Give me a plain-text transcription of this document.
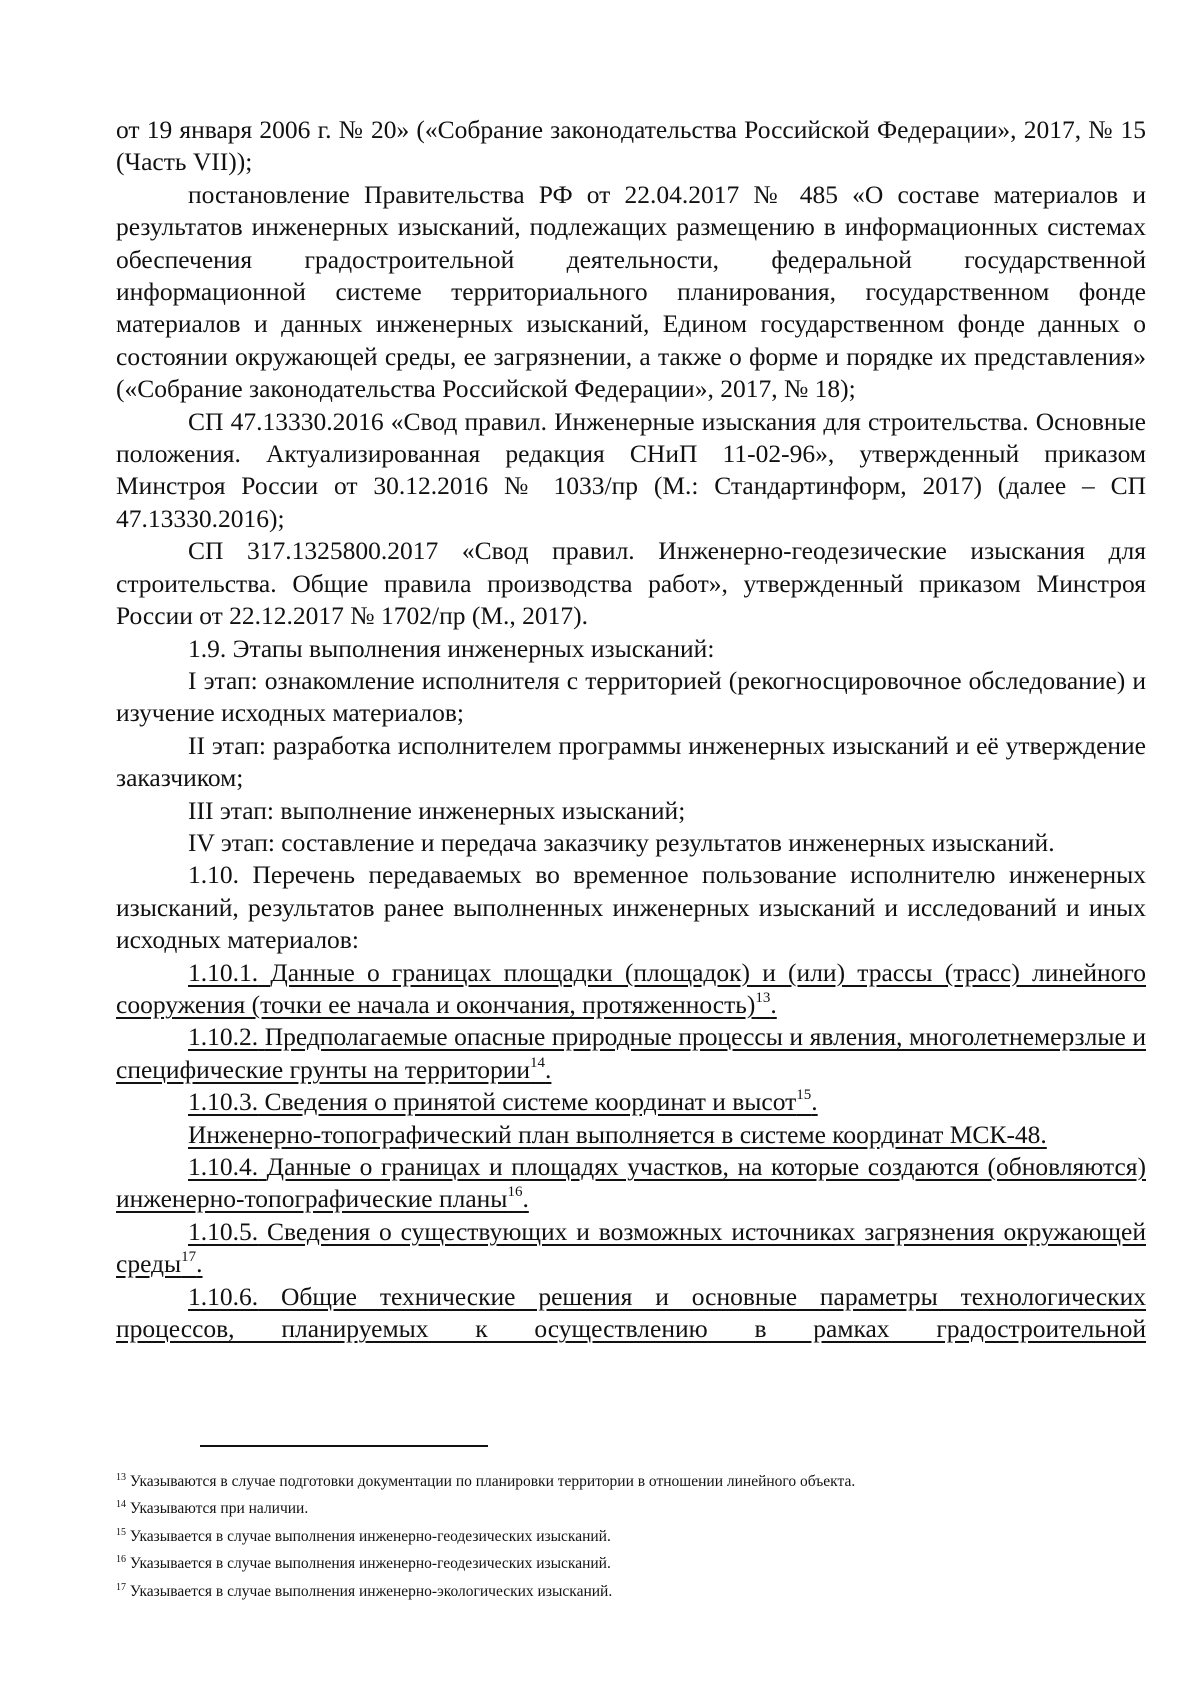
от 19 января 2006 г. № 20» («Собрание законодательства Российской Федерации», 2017, № 15 (Часть VII));

постановление Правительства РФ от 22.04.2017 № 485 «О составе материалов и результатов инженерных изысканий, подлежащих размещению в информационных системах обеспечения градостроительной деятельности, федеральной государственной информационной системе территориального планирования, государственном фонде материалов и данных инженерных изысканий, Едином государственном фонде данных о состоянии окружающей среды, ее загрязнении, а также о форме и порядке их представления» («Собрание законодательства Российской Федерации», 2017, № 18);

СП 47.13330.2016 «Свод правил. Инженерные изыскания для строительства. Основные положения. Актуализированная редакция СНиП 11-02-96», утвержденный приказом Минстроя России от 30.12.2016 № 1033/пр (М.: Стандартинформ, 2017) (далее – СП 47.13330.2016);

СП 317.1325800.2017 «Свод правил. Инженерно-геодезические изыскания для строительства. Общие правила производства работ», утвержденный приказом Минстроя России от 22.12.2017 № 1702/пр (М., 2017).

1.9. Этапы выполнения инженерных изысканий:

I этап: ознакомление исполнителя с территорией (рекогносцировочное обследование) и изучение исходных материалов;

II этап: разработка исполнителем программы инженерных изысканий и её утверждение заказчиком;

III этап: выполнение инженерных изысканий;

IV этап: составление и передача заказчику результатов инженерных изысканий.

1.10. Перечень передаваемых во временное пользование исполнителю инженерных изысканий, результатов ранее выполненных инженерных изысканий и исследований и иных исходных материалов:

1.10.1. Данные о границах площадки (площадок) и (или) трассы (трасс) линейного сооружения (точки ее начала и окончания, протяженность)$^{13}$.

1.10.2. Предполагаемые опасные природные процессы и явления, многолетнемерзлые и специфические грунты на территории$^{14}$.

1.10.3. Сведения о принятой системе координат и высот$^{15}$.

Инженерно-топографический план выполняется в системе координат МСК-48.

1.10.4. Данные о границах и площадях участков, на которые создаются (обновляются) инженерно-топографические планы$^{16}$.

1.10.5. Сведения о существующих и возможных источниках загрязнения окружающей среды$^{17}$.

1.10.6. Общие технические решения и основные параметры технологических процессов, планируемых к осуществлению в рамках градостроительной

$^{13}$ Указываются в случае подготовки документации по планировки территории в отношении линейного объекта.

$^{14}$ Указываются при наличии.

$^{15}$ Указывается в случае выполнения инженерно-геодезических изысканий.

$^{16}$ Указывается в случае выполнения инженерно-геодезических изысканий.

$^{17}$ Указывается в случае выполнения инженерно-экологических изысканий.
